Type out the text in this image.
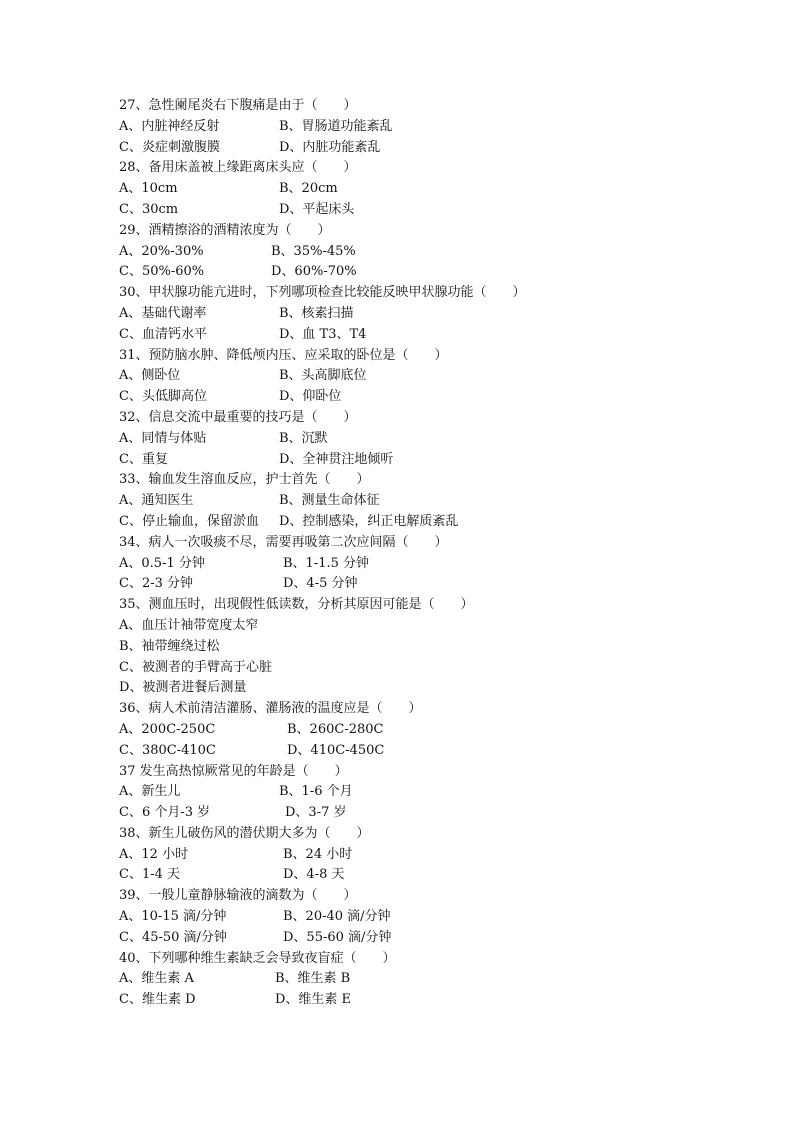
27、急性阑尾炎右下腹痛是由于（　　）
A、内脏神经反射	B、胃肠道功能紊乱
C、炎症刺激腹膜	D、内脏功能紊乱
28、备用床盖被上缘距离床头应（　　）
A、10cm	B、20cm
C、30cm	D、平起床头
29、酒精擦浴的酒精浓度为（　　）
A、20%-30%	B、35%-45%
C、50%-60%	D、60%-70%
30、甲状腺功能亢进时，下列哪项检查比较能反映甲状腺功能（　　）
A、基础代谢率	B、核素扫描
C、血清钙水平	D、血 T3、T4
31、预防脑水肿、降低颅内压、应采取的卧位是（　　）
A、侧卧位	B、头高脚底位
C、头低脚高位	D、仰卧位
32、信息交流中最重要的技巧是（　　）
A、同情与体贴	B、沉默
C、重复	D、全神贯注地倾听
33、输血发生溶血反应，护士首先（　　）
A、通知医生	B、测量生命体征
C、停止输血，保留淤血 D、控制感染，纠正电解质紊乱
34、病人一次吸痰不尽，需要再吸第二次应间隔（　　）
A、0.5-1 分钟	B、1-1.5 分钟
C、2-3 分钟	D、4-5 分钟
35、测血压时，出现假性低读数，分析其原因可能是（　　）
A、血压计袖带宽度太窄
B、袖带缠绕过松
C、被测者的手臂高于心脏
D、被测者进餐后测量
36、病人术前清洁灌肠、灌肠液的温度应是（　　）
A、200C-250C	B、260C-280C
C、380C-410C	D、410C-450C
37 发生高热惊厥常见的年龄是（　　）
A、新生儿	B、1-6 个月
C、6 个月-3 岁	D、3-7 岁
38、新生儿破伤风的潜伏期大多为（　　）
A、12 小时	B、24 小时
C、1-4 天	D、4-8 天
39、一般儿童静脉输液的滴数为（　　）
A、10-15 滴/分钟	B、20-40 滴/分钟
C、45-50 滴/分钟	D、55-60 滴/分钟
40、下列哪种维生素缺乏会导致夜盲症（　　）
A、维生素 A	B、维生素 B
C、维生素 D	D、维生素 E
